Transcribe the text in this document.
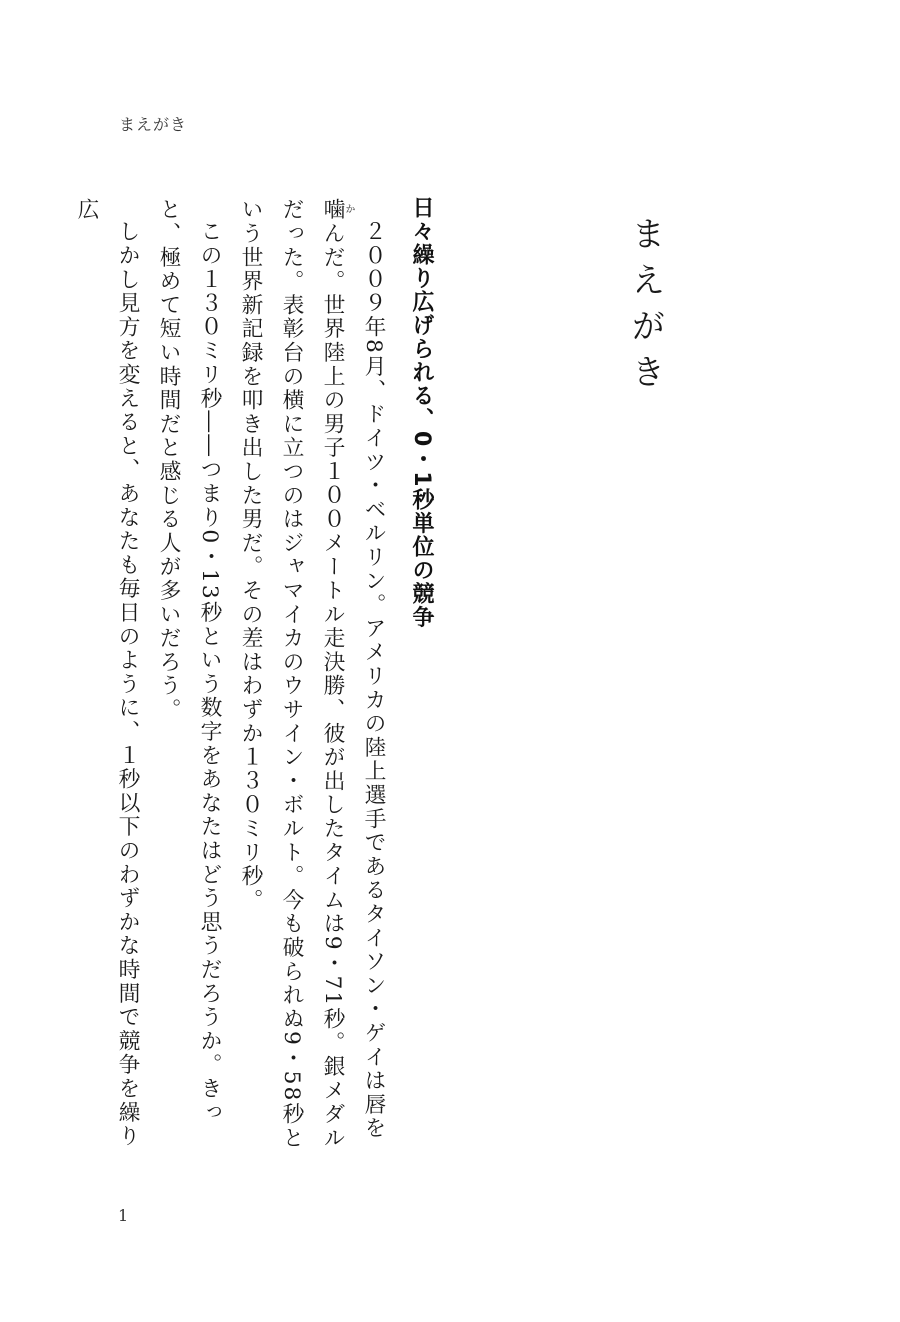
まえがき
まえがき
日々繰り広げられる、0・1秒単位の競争

２００９年8月、ドイツ・ベルリン。アメリカの陸上選手であるタイソン・ゲイは唇を噛かんだ。世界陸上の男子１００メートル走決勝、彼が出したタイムは9・71秒。銀メダルだった。表彰台の横に立つのはジャマイカのウサイン・ボルト。今も破られぬ9・58秒という世界新記録を叩き出した男だ。その差はわずか１３０ミリ秒。

この１３０ミリ秒――つまり0・13秒という数字をあなたはどう思うだろうか。きっと、極めて短い時間だと感じる人が多いだろう。

しかし見方を変えると、あなたも毎日のように、１秒以下のわずかな時間で競争を繰り広

1
